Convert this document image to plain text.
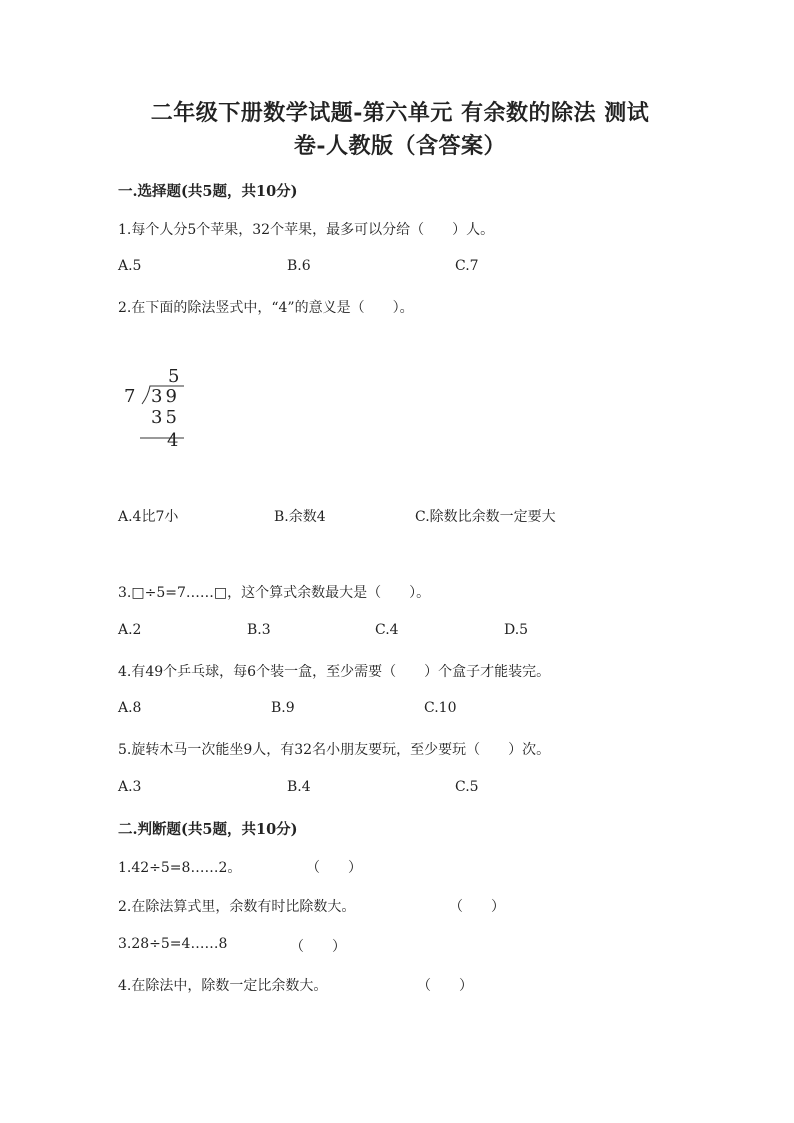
二年级下册数学试题-第六单元 有余数的除法 测试
卷-人教版（含答案）
一.选择题(共5题，共10分)
1.每个人分5个苹果，32个苹果，最多可以分给（　　）人。
A.5	B.6	C.7
2.在下面的除法竖式中，“4”的意义是（　　）。
5
7 39
35
4
A.4比7小	B.余数4	C.除数比余数一定要大
3.□÷5=7……□，这个算式余数最大是（　　）。
A.2	B.3	C.4	D.5
4.有49个乒乓球，每6个装一盒，至少需要（　　）个盒子才能装完。
A.8	B.9	C.10
5.旋转木马一次能坐9人，有32名小朋友要玩，至少要玩（　　）次。
A.3	B.4	C.5
二.判断题(共5题，共10分)
1.42÷5=8……2。	（　　）
2.在除法算式里，余数有时比除数大。	（　　）
3.28÷5=4……8	（　　）
4.在除法中，除数一定比余数大。	（　　）
